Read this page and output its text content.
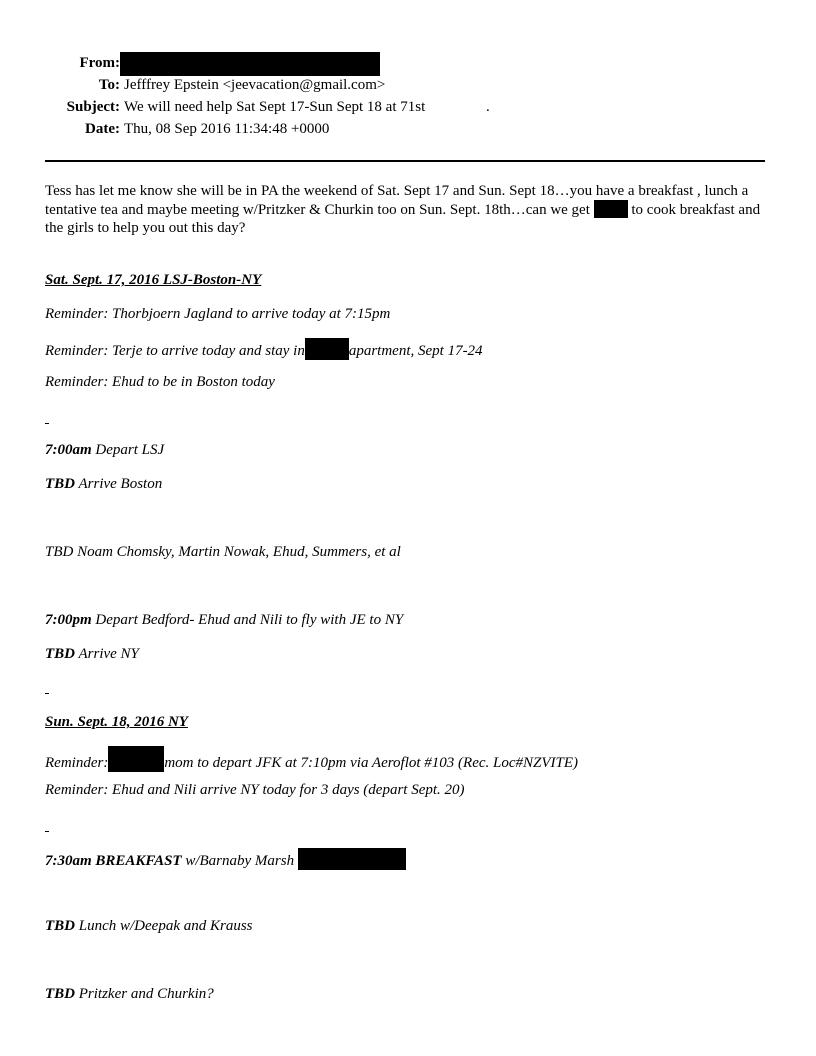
From:
To: Jefffrey Epstein <jeevacation@gmail.com>
Subject: We will need help Sat Sept 17-Sun Sept 18 at 71st	.
Date: Thu, 08 Sep 2016 11:34:48 +0000
Tess has let me know she will be in PA the weekend of Sat. Sept 17 and Sun. Sept 18…you have a breakfast , lunch a tentative tea and maybe meeting w/Pritzker & Churkin too on Sun. Sept. 18th…can we get	to cook breakfast and the girls to help you out this day?
Sat. Sept. 17, 2016 LSJ-Boston-NY
Reminder: Thorbjoern Jagland to arrive today at 7:15pm
Reminder: Terje to arrive today and stay in	apartment, Sept 17-24
Reminder: Ehud to be in Boston today
7:00am Depart LSJ
TBD Arrive Boston
TBD Noam Chomsky, Martin Nowak, Ehud, Summers, et al
7:00pm Depart Bedford- Ehud and Nili to fly with JE to NY
TBD Arrive NY
Sun. Sept. 18, 2016 NY
Reminder:	mom to depart JFK at 7:10pm via Aeroflot #103 (Rec. Loc#NZVITE)
Reminder: Ehud and Nili arrive NY today for 3 days (depart Sept. 20)
7:30am BREAKFAST w/Barnaby Marsh
TBD Lunch w/Deepak and Krauss
TBD Pritzker and Churkin?
